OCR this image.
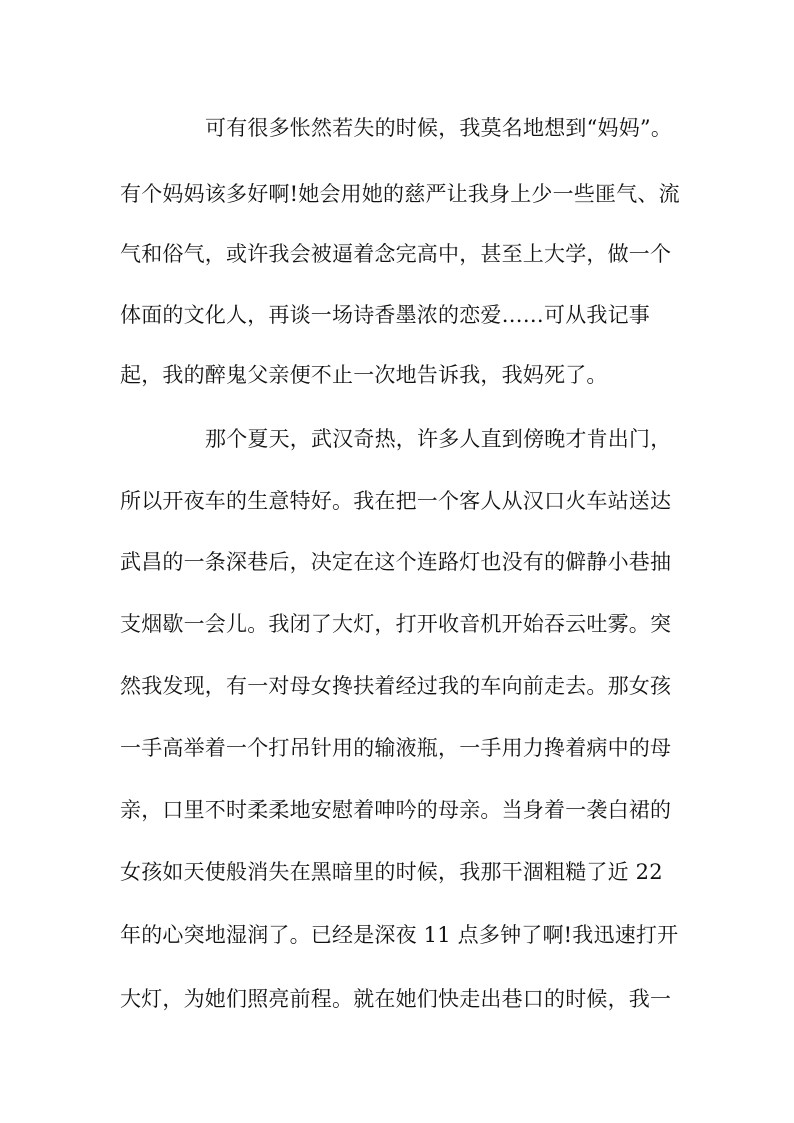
可有很多怅然若失的时候，我莫名地想到“妈妈”。
有个妈妈该多好啊!她会用她的慈严让我身上少一些匪气、流
气和俗气，或许我会被逼着念完高中，甚至上大学，做一个
体面的文化人，再谈一场诗香墨浓的恋爱……可从我记事
起，我的醉鬼父亲便不止一次地告诉我，我妈死了。
那个夏天，武汉奇热，许多人直到傍晚才肯出门，
所以开夜车的生意特好。我在把一个客人从汉口火车站送达
武昌的一条深巷后，决定在这个连路灯也没有的僻静小巷抽
支烟歇一会儿。我闭了大灯，打开收音机开始吞云吐雾。突
然我发现，有一对母女搀扶着经过我的车向前走去。那女孩
一手高举着一个打吊针用的输液瓶，一手用力搀着病中的母
亲，口里不时柔柔地安慰着呻吟的母亲。当身着一袭白裙的
女孩如天使般消失在黑暗里的时候，我那干涸粗糙了近 22
年的心突地湿润了。已经是深夜 11 点多钟了啊!我迅速打开
大灯，为她们照亮前程。就在她们快走出巷口的时候，我一
